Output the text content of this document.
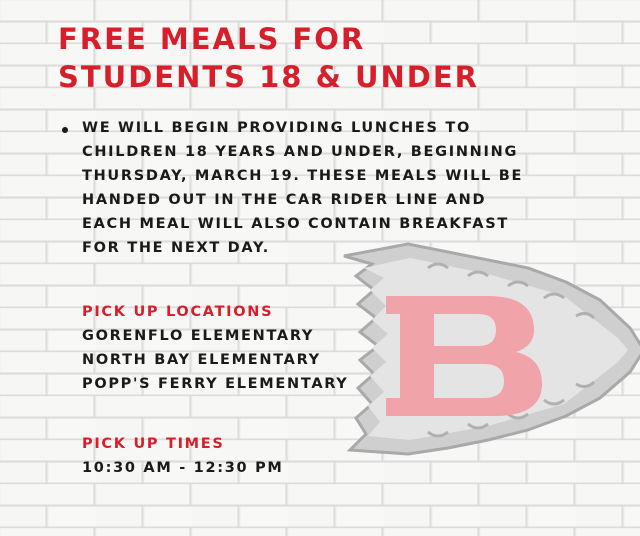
FREE MEALS FOR
STUDENTS 18 & UNDER

WE WILL BEGIN PROVIDING LUNCHES TO
CHILDREN 18 YEARS AND UNDER, BEGINNING
THURSDAY, MARCH 19. THESE MEALS WILL BE
HANDED OUT IN THE CAR RIDER LINE AND
EACH MEAL WILL ALSO CONTAIN BREAKFAST
FOR THE NEXT DAY.

PICK UP LOCATIONS
GORENFLO ELEMENTARY
NORTH BAY ELEMENTARY
POPP'S FERRY ELEMENTARY
PICK UP TIMES
10:30 AM - 12:30 PM
